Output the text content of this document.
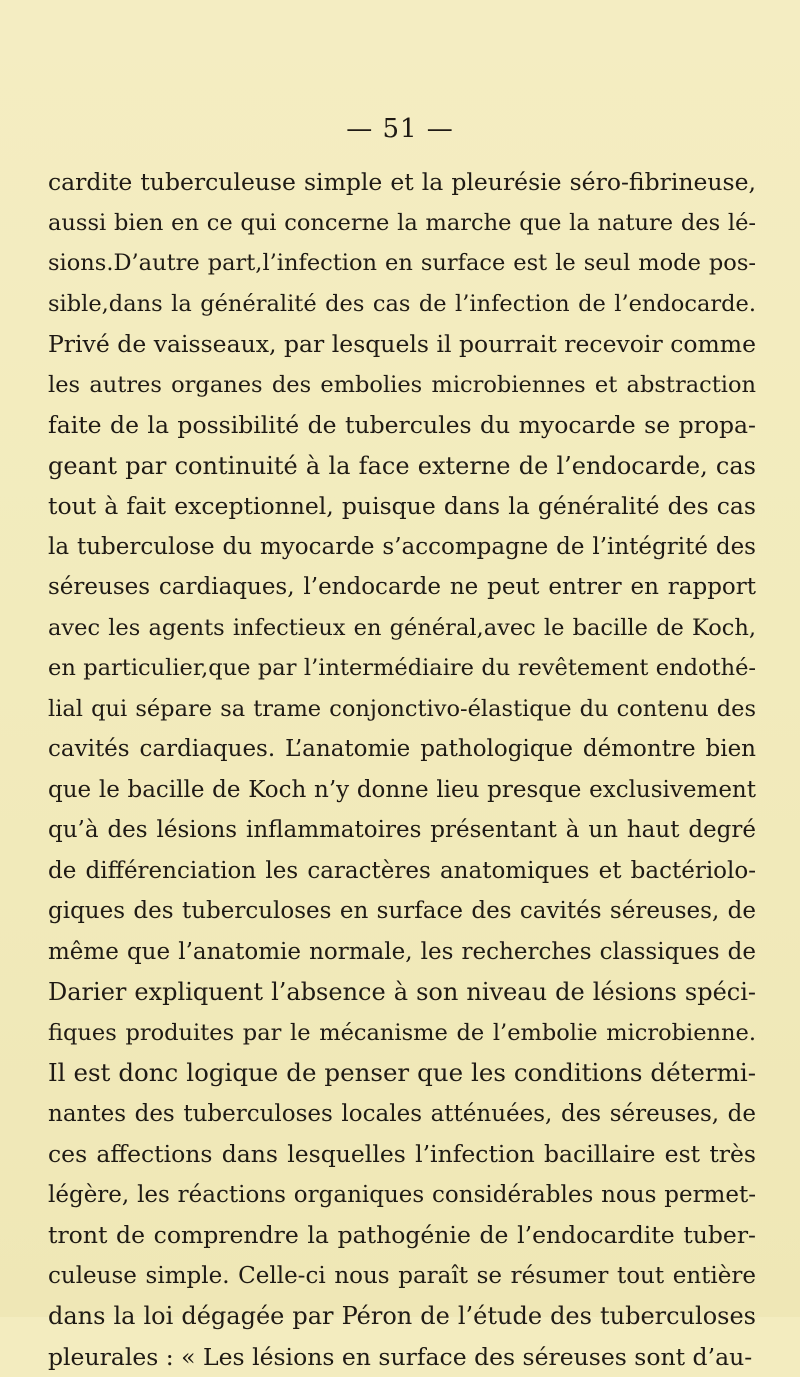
— 51 —
cardite tuberculeuse simple et la pleurésie séro-fibrineuse,
aussi bien en ce qui concerne la marche que la nature des lé-
sions.D’autre part,l’infection en surface est le seul mode pos-
sible,dans la généralité des cas de l’infection de l’endocarde.
Privé de vaisseaux, par lesquels il pourrait recevoir comme
les autres organes des embolies microbiennes et abstraction
faite de la possibilité de tubercules du myocarde se propa-
geant par continuité à la face externe de l’endocarde, cas
tout à fait exceptionnel, puisque dans la généralité des cas
la tuberculose du myocarde s’accompagne de l’intégrité des
séreuses cardiaques, l’endocarde ne peut entrer en rapport
avec les agents infectieux en général,avec le bacille de Koch,
en particulier,que par l’intermédiaire du revêtement endothé-
lial qui sépare sa trame conjonctivo-élastique du contenu des
cavités cardiaques. L’anatomie pathologique démontre bien
que le bacille de Koch n’y donne lieu presque exclusivement
qu’à des lésions inflammatoires présentant à un haut degré
de différenciation les caractères anatomiques et bactériolo-
giques des tuberculoses en surface des cavités séreuses, de
même que l’anatomie normale, les recherches classiques de
Darier expliquent l’absence à son niveau de lésions spéci-
fiques produites par le mécanisme de l’embolie microbienne.
Il est donc logique de penser que les conditions détermi-
nantes des tuberculoses locales atténuées, des séreuses, de
ces affections dans lesquelles l’infection bacillaire est très
légère, les réactions organiques considérables nous permet-
tront de comprendre la pathogénie de l’endocardite tuber-
culeuse simple. Celle-ci nous paraît se résumer tout entière
dans la loi dégagée par Péron de l’étude des tuberculoses
pleurales : « Les lésions en surface des séreuses sont d’au-
